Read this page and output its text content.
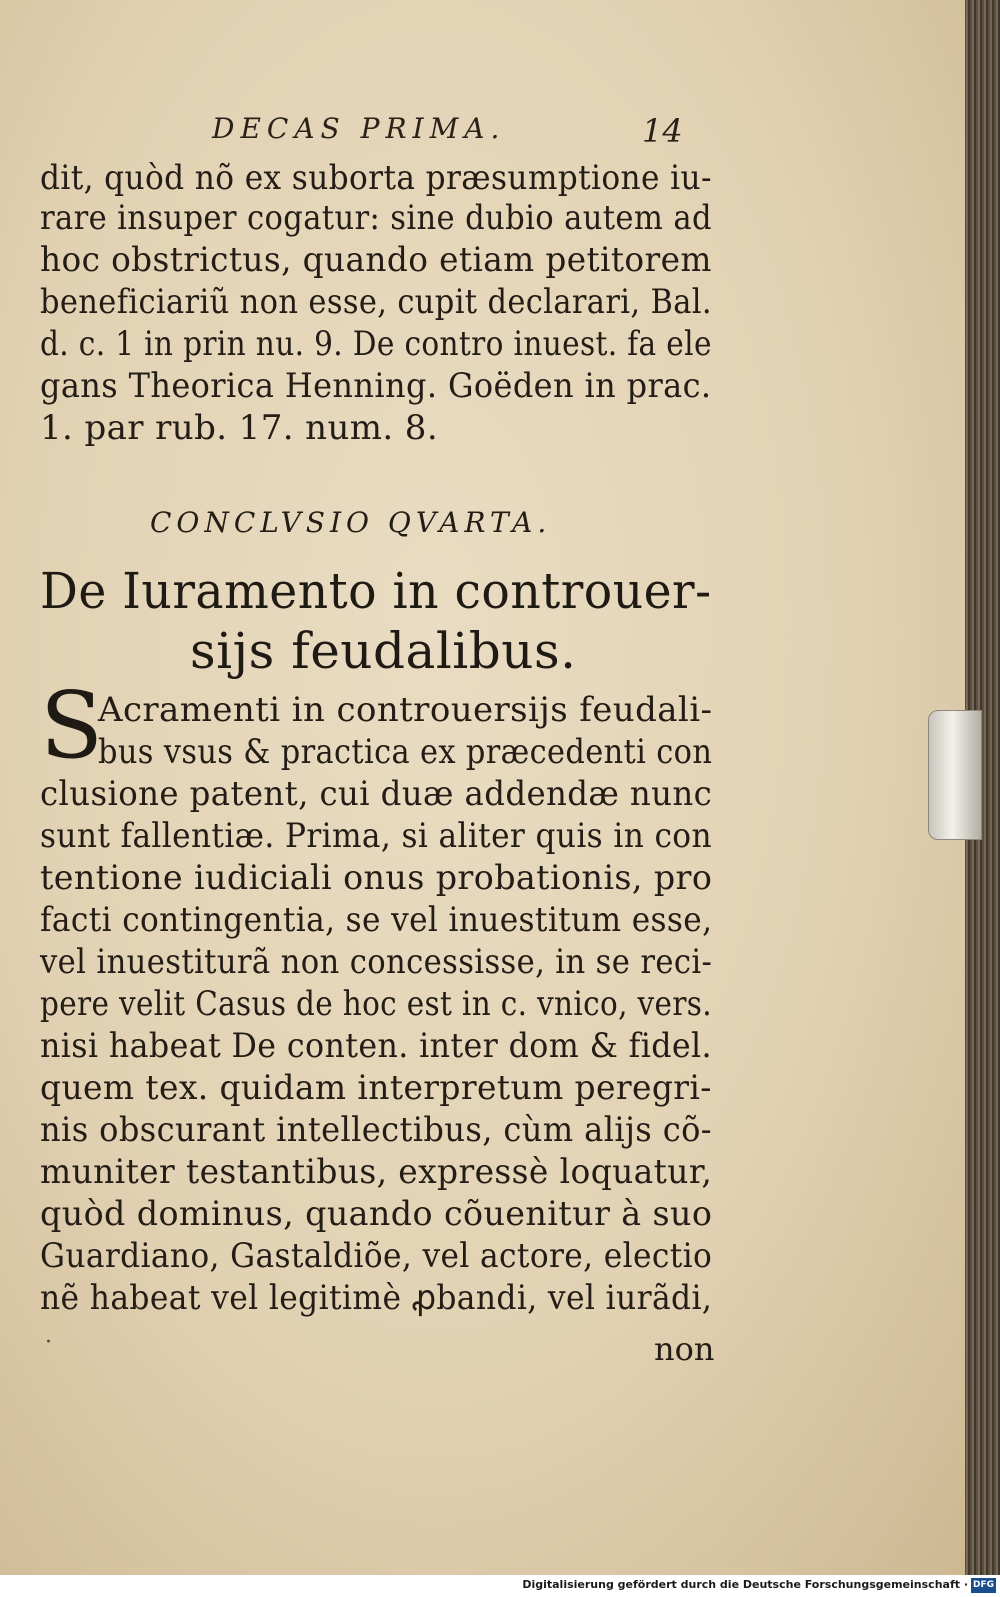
DECAS PRIMA.	14
dit, quòd nõ ex suborta præsumptione iu-
rare insuper cogatur: sine dubio autem ad
hoc obstrictus, quando etiam petitorem
beneficiariũ non esse, cupit declarari, Bal.
d. c. 1 in prin nu. 9. De contro inuest. fa ele
gans Theorica Henning. Goëden in prac.
1. par rub. 17. num. 8.
CONCLVSIO QVARTA.
De Iuramento in controuer-
sijs feudalibus.
S
Acramenti in controuersijs feudali-
bus vsus & practica ex præcedenti con
clusione patent, cui duæ addendæ nunc
sunt fallentiæ. Prima, si aliter quis in con
tentione iudiciali onus probationis, pro
facti contingentia, se vel inuestitum esse,
vel inuestiturã non concessisse, in se reci-
pere velit Casus de hoc est in c. vnico, vers.
nisi habeat De conten. inter dom & fidel.
quem tex. quidam interpretum peregri-
nis obscurant intellectibus, cùm alijs cõ-
muniter testantibus, expressè loquatur,
quòd dominus, quando cõuenitur à suo
Guardiano, Gastaldiõe, vel actore, electio
nẽ habeat vel legitimè ꝓbandi, vel iurãdi,
·	non
Digitalisierung gefördert durch die Deutsche Forschungsgemeinschaft · DFG
